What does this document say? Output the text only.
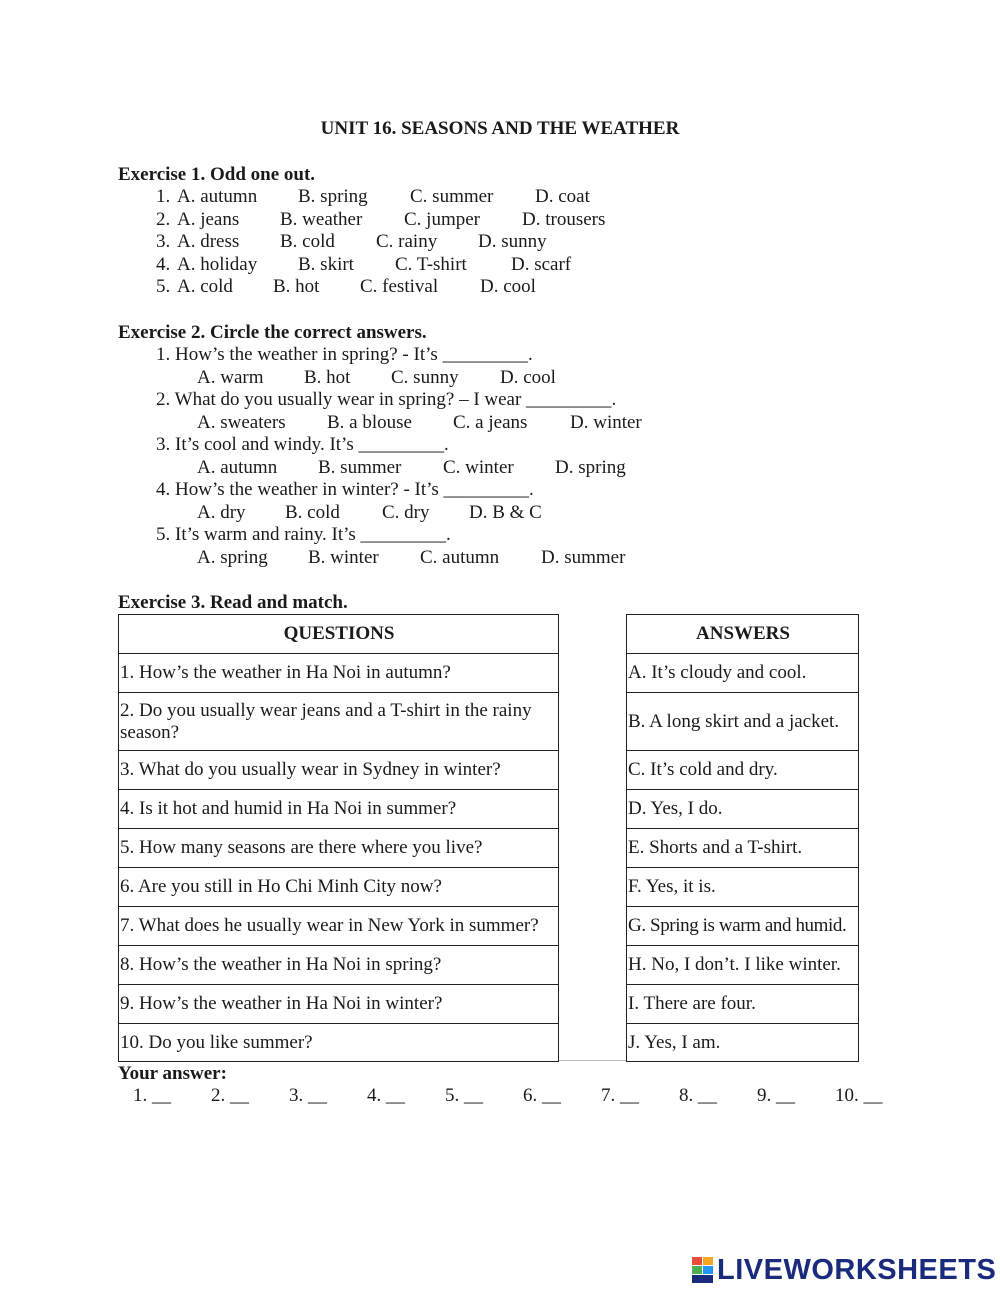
UNIT 16. SEASONS AND THE WEATHER
Exercise 1. Odd one out.
1. A. autumn B. spring C. summer D. coat
2. A. jeans B. weather C. jumper D. trousers
3. A. dress B. cold C. rainy D. sunny
4. A. holiday B. skirt C. T-shirt D. scarf
5. A. cold B. hot C. festival D. cool
Exercise 2. Circle the correct answers.
1. How’s the weather in spring? - It’s _________.
A. warm B. hot C. sunny D. cool
2. What do you usually wear in spring? – I wear _________.
A. sweaters B. a blouse C. a jeans D. winter
3. It’s cool and windy. It’s _________.
A. autumn B. summer C. winter D. spring
4. How’s the weather in winter? - It’s _________.
A. dry B. cold C. dry D. B & C
5. It’s warm and rainy. It’s _________.
A. spring B. winter C. autumn D. summer
Exercise 3. Read and match.
QUESTIONS
1. How’s the weather in Ha Noi in autumn?
2. Do you usually wear jeans and a T-shirt in the rainy season?
3. What do you usually wear in Sydney in winter?
4. Is it hot and humid in Ha Noi in summer?
5. How many seasons are there where you live?
6. Are you still in Ho Chi Minh City now?
7. What does he usually wear in New York in summer?
8. How’s the weather in Ha Noi in spring?
9. How’s the weather in Ha Noi in winter?
10. Do you like summer?
ANSWERS
A. It’s cloudy and cool.
B. A long skirt and a jacket.
C. It’s cold and dry.
D. Yes, I do.
E. Shorts and a T-shirt.
F. Yes, it is.
G. Spring is warm and humid.
H. No, I don’t. I like winter.
I. There are four.
J. Yes, I am.
Your answer:
1. __ 2. __ 3. __ 4. __ 5. __ 6. __ 7. __ 8. __ 9. __ 10. __
LIVEWORKSHEETS
